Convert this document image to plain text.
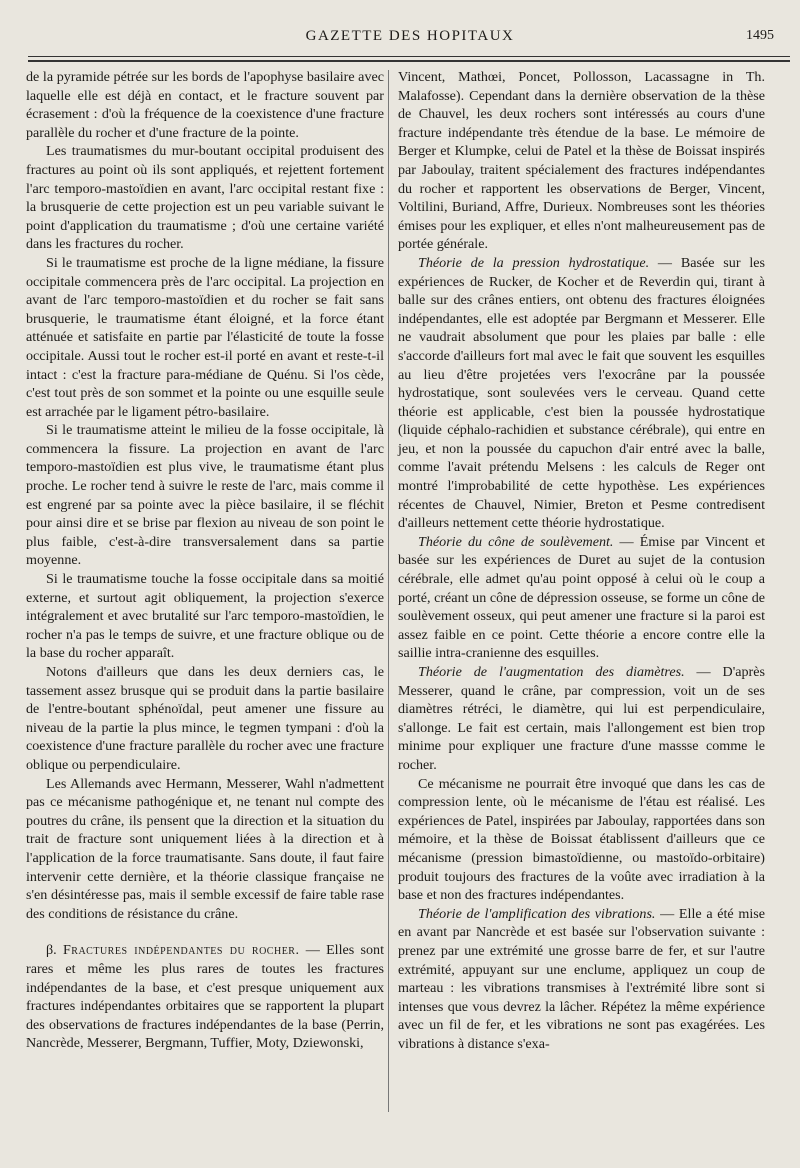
GAZETTE DES HOPITAUX	1495

de la pyramide pétrée sur les bords de l'apophyse basilaire avec laquelle elle est déjà en contact, et le fracture souvent par écrasement : d'où la fréquence de la coexistence d'une fracture parallèle du rocher et d'une fracture de la pointe.

Les traumatismes du mur-boutant occipital produisent des fractures au point où ils sont appliqués, et rejettent fortement l'arc temporo-mastoïdien en avant, l'arc occipital restant fixe : la brusquerie de cette projection est un peu variable suivant le point d'application du traumatisme ; d'où une certaine variété dans les fractures du rocher.

Si le traumatisme est proche de la ligne médiane, la fissure occipitale commencera près de l'arc occipital. La projection en avant de l'arc temporo-mastoïdien et du rocher se fait sans brusquerie, le traumatisme étant éloigné, et la force étant atténuée et satisfaite en partie par l'élasticité de toute la fosse occipitale. Aussi tout le rocher est-il porté en avant et reste-t-il intact : c'est la fracture para-médiane de Quénu. Si l'os cède, c'est tout près de son sommet et la pointe ou une esquille seule est arrachée par le ligament pétro-basilaire.

Si le traumatisme atteint le milieu de la fosse occipitale, là commencera la fissure. La projection en avant de l'arc temporo-mastoïdien est plus vive, le traumatisme étant plus proche. Le rocher tend à suivre le reste de l'arc, mais comme il est engrené par sa pointe avec la pièce basilaire, il se fléchit pour ainsi dire et se brise par flexion au niveau de son point le plus faible, c'est-à-dire transversalement dans sa partie moyenne.

Si le traumatisme touche la fosse occipitale dans sa moitié externe, et surtout agit obliquement, la projection s'exerce intégralement et avec brutalité sur l'arc temporo-mastoïdien, le rocher n'a pas le temps de suivre, et une fracture oblique ou de la base du rocher apparaît.

Notons d'ailleurs que dans les deux derniers cas, le tassement assez brusque qui se produit dans la partie basilaire de l'entre-boutant sphénoïdal, peut amener une fissure au niveau de la partie la plus mince, le tegmen tympani : d'où la coexistence d'une fracture parallèle du rocher avec une fracture oblique ou perpendiculaire.

Les Allemands avec Hermann, Messerer, Wahl n'admettent pas ce mécanisme pathogénique et, ne tenant nul compte des poutres du crâne, ils pensent que la direction et la situation du trait de fracture sont uniquement liées à la direction et à l'application de la force traumatisante. Sans doute, il faut faire intervenir cette dernière, et la théorie classique française ne s'en désintéresse pas, mais il semble excessif de faire table rase des conditions de résistance du crâne.

β. Fractures indépendantes du rocher. — Elles sont rares et même les plus rares de toutes les fractures indépendantes de la base, et c'est presque uniquement aux fractures indépendantes orbitaires que se rapportent la plupart des observations de fractures indépendantes de la base (Perrin, Nancrède, Messerer, Bergmann, Tuffier, Moty, Dziewonski,

Vincent, Mathœi, Poncet, Pollosson, Lacassagne in Th. Malafosse). Cependant dans la dernière observation de la thèse de Chauvel, les deux rochers sont intéressés au cours d'une fracture indépendante très étendue de la base. Le mémoire de Berger et Klumpke, celui de Patel et la thèse de Boissat inspirés par Jaboulay, traitent spécialement des fractures indépendantes du rocher et rapportent les observations de Berger, Vincent, Voltilini, Buriand, Affre, Durieux. Nombreuses sont les théories émises pour les expliquer, et elles n'ont malheureusement pas de portée générale.

Théorie de la pression hydrostatique. — Basée sur les expériences de Rucker, de Kocher et de Reverdin qui, tirant à balle sur des crânes entiers, ont obtenu des fractures éloignées indépendantes, elle est adoptée par Bergmann et Messerer. Elle ne vaudrait absolument que pour les plaies par balle : elle s'accorde d'ailleurs fort mal avec le fait que souvent les esquilles au lieu d'être projetées vers l'exocrâne par la poussée hydrostatique, sont soulevées vers le cerveau. Quand cette théorie est applicable, c'est bien la poussée hydrostatique (liquide céphalo-rachidien et substance cérébrale), qui entre en jeu, et non la poussée du capuchon d'air entré avec la balle, comme l'avait prétendu Melsens : les calculs de Reger ont montré l'improbabilité de cette hypothèse. Les expériences récentes de Chauvel, Nimier, Breton et Pesme contredisent d'ailleurs nettement cette théorie hydrostatique.

Théorie du cône de soulèvement. — Émise par Vincent et basée sur les expériences de Duret au sujet de la contusion cérébrale, elle admet qu'au point opposé à celui où le coup a porté, créant un cône de dépression osseuse, se forme un cône de soulèvement osseux, qui peut amener une fracture si la paroi est assez faible en ce point. Cette théorie a encore contre elle la saillie intra-cranienne des esquilles.

Théorie de l'augmentation des diamètres. — D'après Messerer, quand le crâne, par compression, voit un de ses diamètres rétréci, le diamètre, qui lui est perpendiculaire, s'allonge. Le fait est certain, mais l'allongement est bien trop minime pour expliquer une fracture d'une massse comme le rocher.

Ce mécanisme ne pourrait être invoqué que dans les cas de compression lente, où le mécanisme de l'étau est réalisé. Les expériences de Patel, inspirées par Jaboulay, rapportées dans son mémoire, et la thèse de Boissat établissent d'ailleurs que ce mécanisme (pression bimastoïdienne, ou mastoïdo-orbitaire) produit toujours des fractures de la voûte avec irradiation à la base et non des fractures indépendantes.

Théorie de l'amplification des vibrations. — Elle a été mise en avant par Nancrède et est basée sur l'observation suivante : prenez par une extrémité une grosse barre de fer, et sur l'autre extrémité, appuyant sur une enclume, appliquez un coup de marteau : les vibrations transmises à l'extrémité libre sont si intenses que vous devrez la lâcher. Répétez la même expérience avec un fil de fer, et les vibrations ne sont pas exagérées. Les vibrations à distance s'exa-
